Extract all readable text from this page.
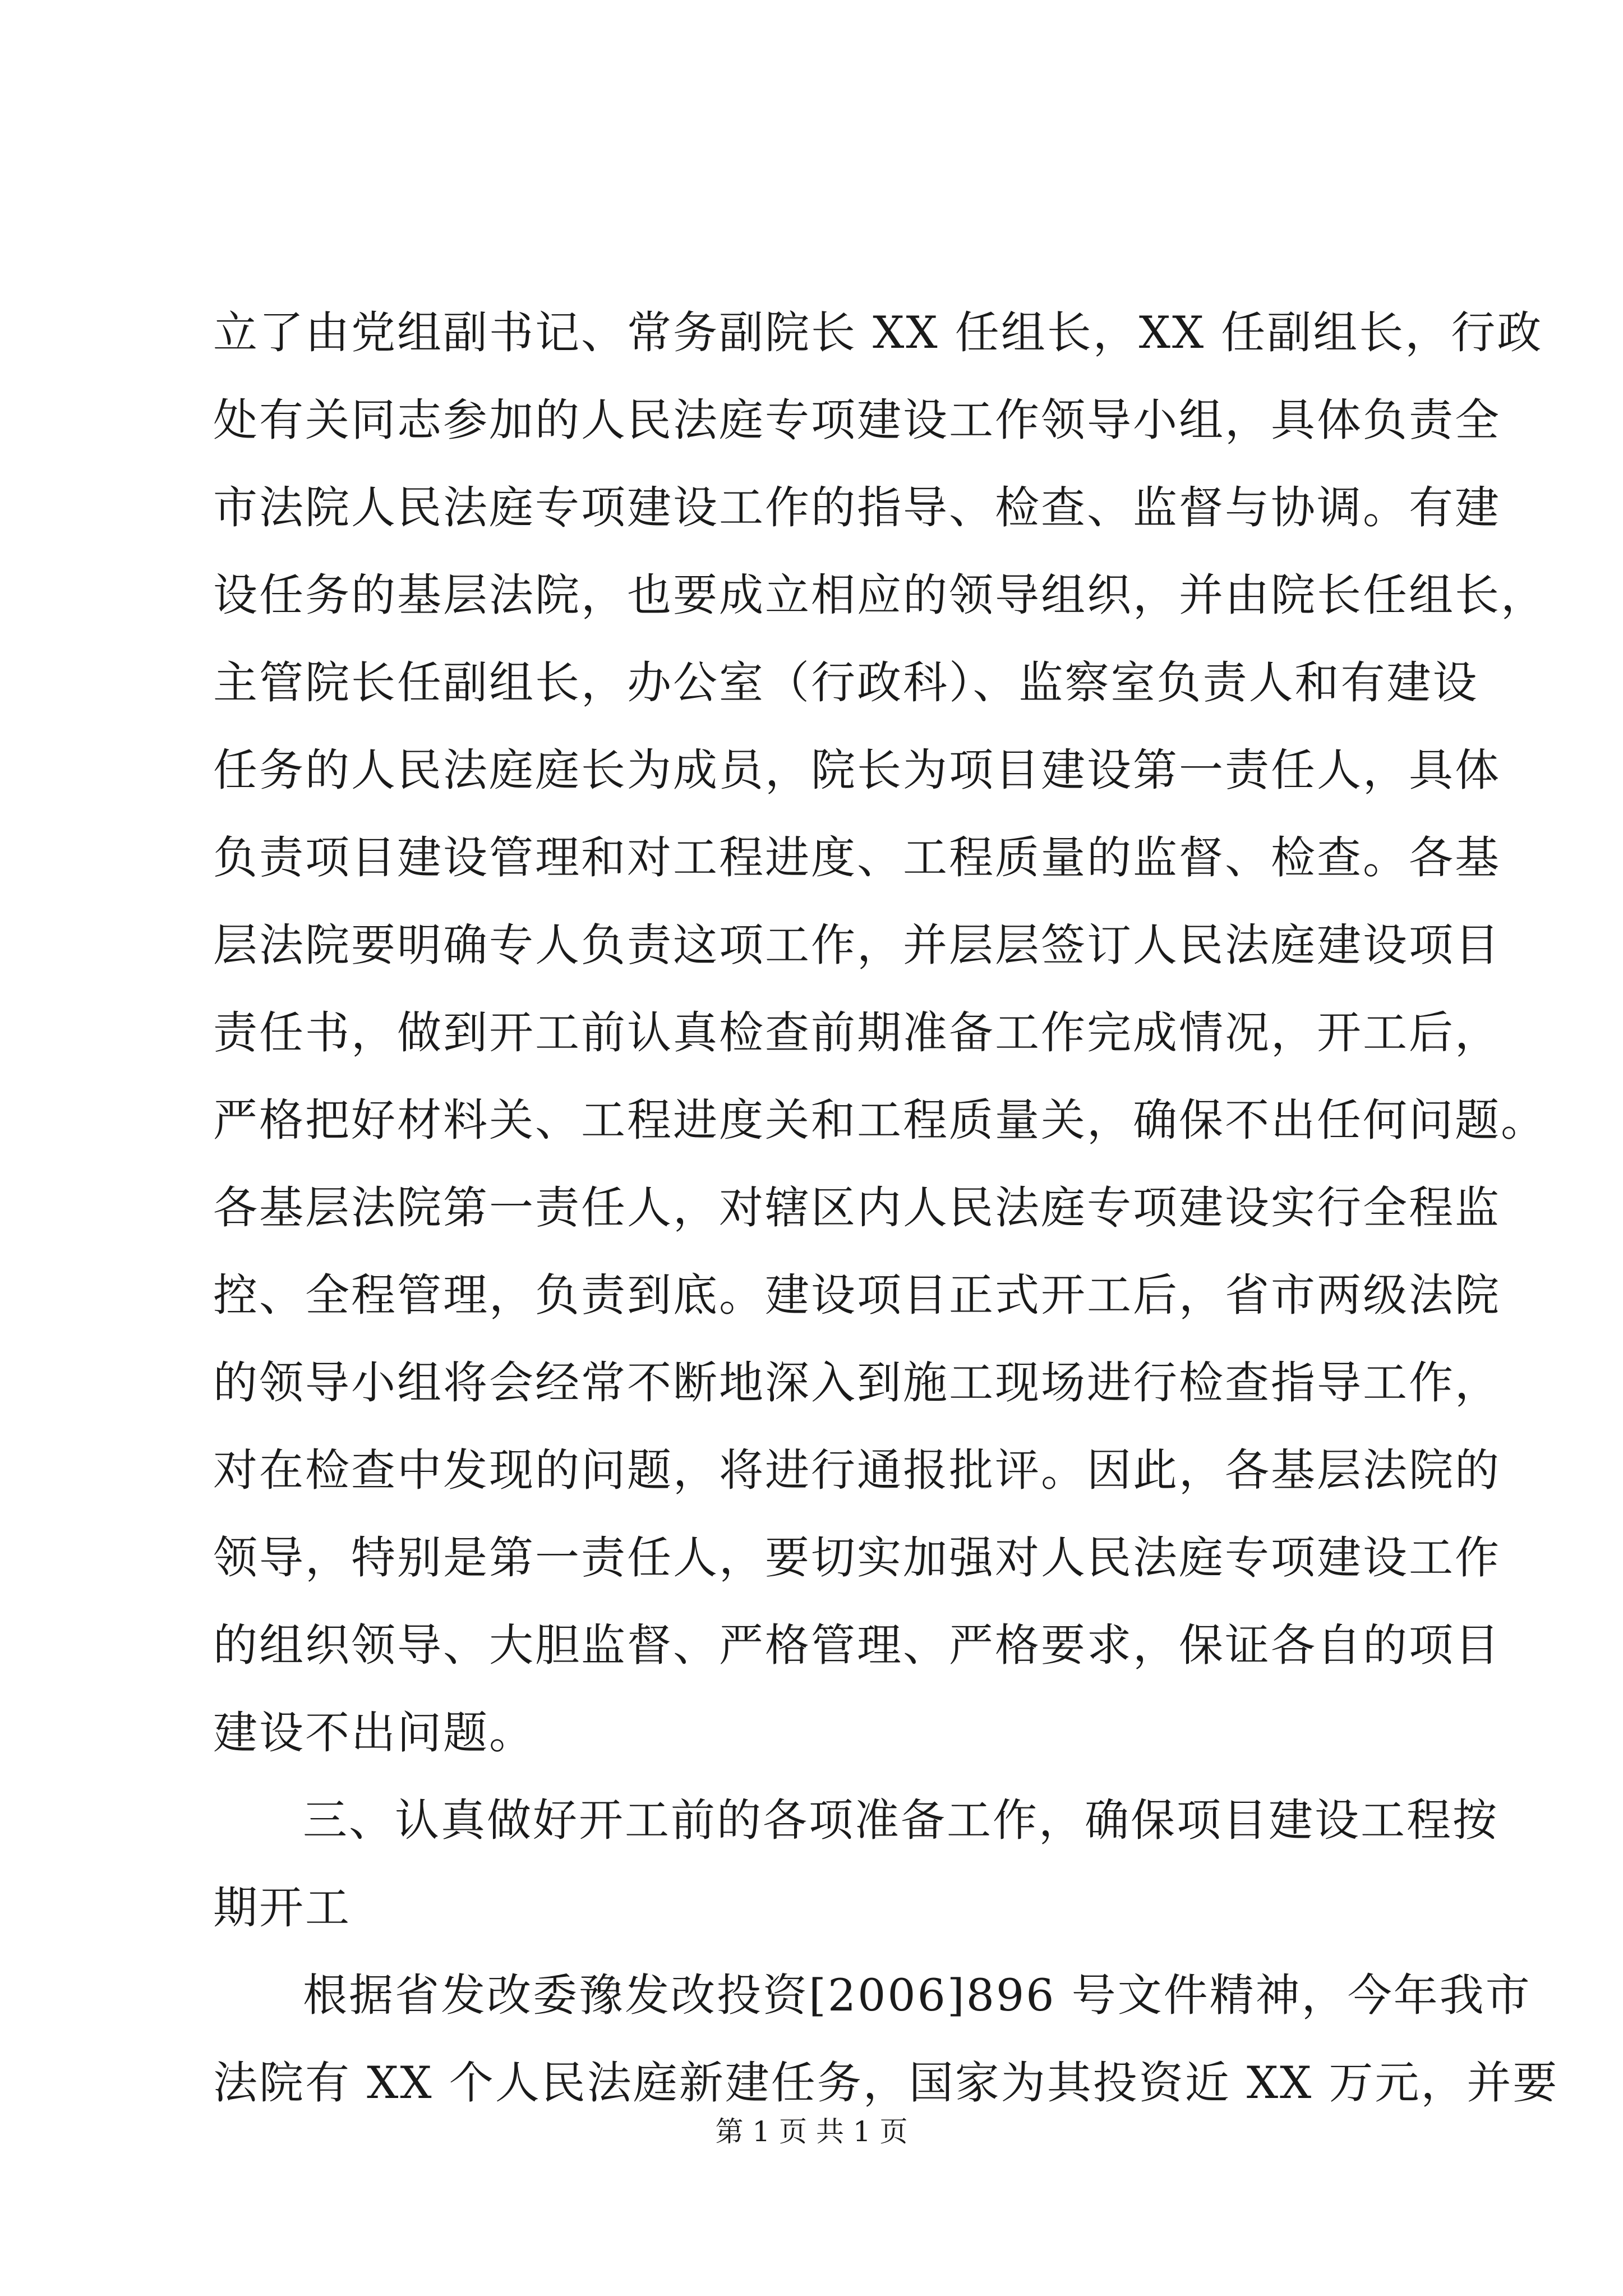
立了由党组副书记、常务副院长 XX 任组长，XX 任副组长，行政
处有关同志参加的人民法庭专项建设工作领导小组，具体负责全
市法院人民法庭专项建设工作的指导、检查、监督与协调。有建
设任务的基层法院，也要成立相应的领导组织，并由院长任组长，
主管院长任副组长，办公室（行政科）、监察室负责人和有建设
任务的人民法庭庭长为成员，院长为项目建设第一责任人，具体
负责项目建设管理和对工程进度、工程质量的监督、检查。各基
层法院要明确专人负责这项工作，并层层签订人民法庭建设项目
责任书，做到开工前认真检查前期准备工作完成情况，开工后，
严格把好材料关、工程进度关和工程质量关，确保不出任何问题。
各基层法院第一责任人，对辖区内人民法庭专项建设实行全程监
控、全程管理，负责到底。建设项目正式开工后，省市两级法院
的领导小组将会经常不断地深入到施工现场进行检查指导工作，
对在检查中发现的问题，将进行通报批评。因此，各基层法院的
领导，特别是第一责任人，要切实加强对人民法庭专项建设工作
的组织领导、大胆监督、严格管理、严格要求，保证各自的项目
建设不出问题。
三、认真做好开工前的各项准备工作，确保项目建设工程按
期开工
根据省发改委豫发改投资[2006]896 号文件精神，今年我市
法院有 XX 个人民法庭新建任务，国家为其投资近 XX 万元，并要
第 1 页 共 1 页
